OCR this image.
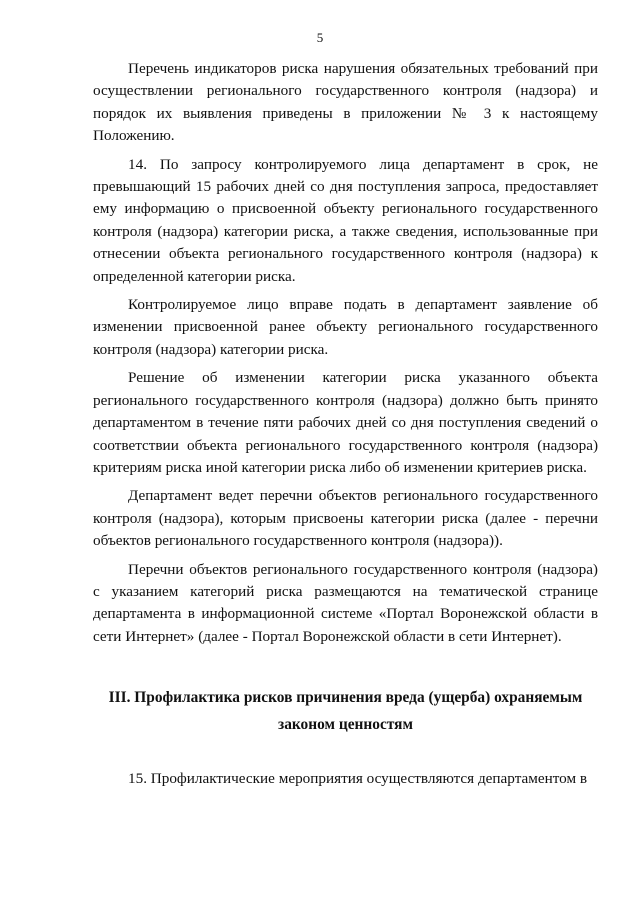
5

Перечень индикаторов риска нарушения обязательных требований при осуществлении регионального государственного контроля (надзора) и порядок их выявления приведены в приложении № 3 к настоящему Положению.

14. По запросу контролируемого лица департамент в срок, не превышающий 15 рабочих дней со дня поступления запроса, предоставляет ему информацию о присвоенной объекту регионального государственного контроля (надзора) категории риска, а также сведения, использованные при отнесении объекта регионального государственного контроля (надзора) к определенной категории риска.

Контролируемое лицо вправе подать в департамент заявление об изменении присвоенной ранее объекту регионального государственного контроля (надзора) категории риска.

Решение об изменении категории риска указанного объекта регионального государственного контроля (надзора) должно быть принято департаментом в течение пяти рабочих дней со дня поступления сведений о соответствии объекта регионального государственного контроля (надзора) критериям риска иной категории риска либо об изменении критериев риска.

Департамент ведет перечни объектов регионального государственного контроля (надзора), которым присвоены категории риска (далее - перечни объектов регионального государственного контроля (надзора)).

Перечни объектов регионального государственного контроля (надзора) с указанием категорий риска размещаются на тематической странице департамента в информационной системе «Портал Воронежской области в сети Интернет» (далее - Портал Воронежской области в сети Интернет).

III. Профилактика рисков причинения вреда (ущерба) охраняемым законом ценностям

15. Профилактические мероприятия осуществляются департаментом в
